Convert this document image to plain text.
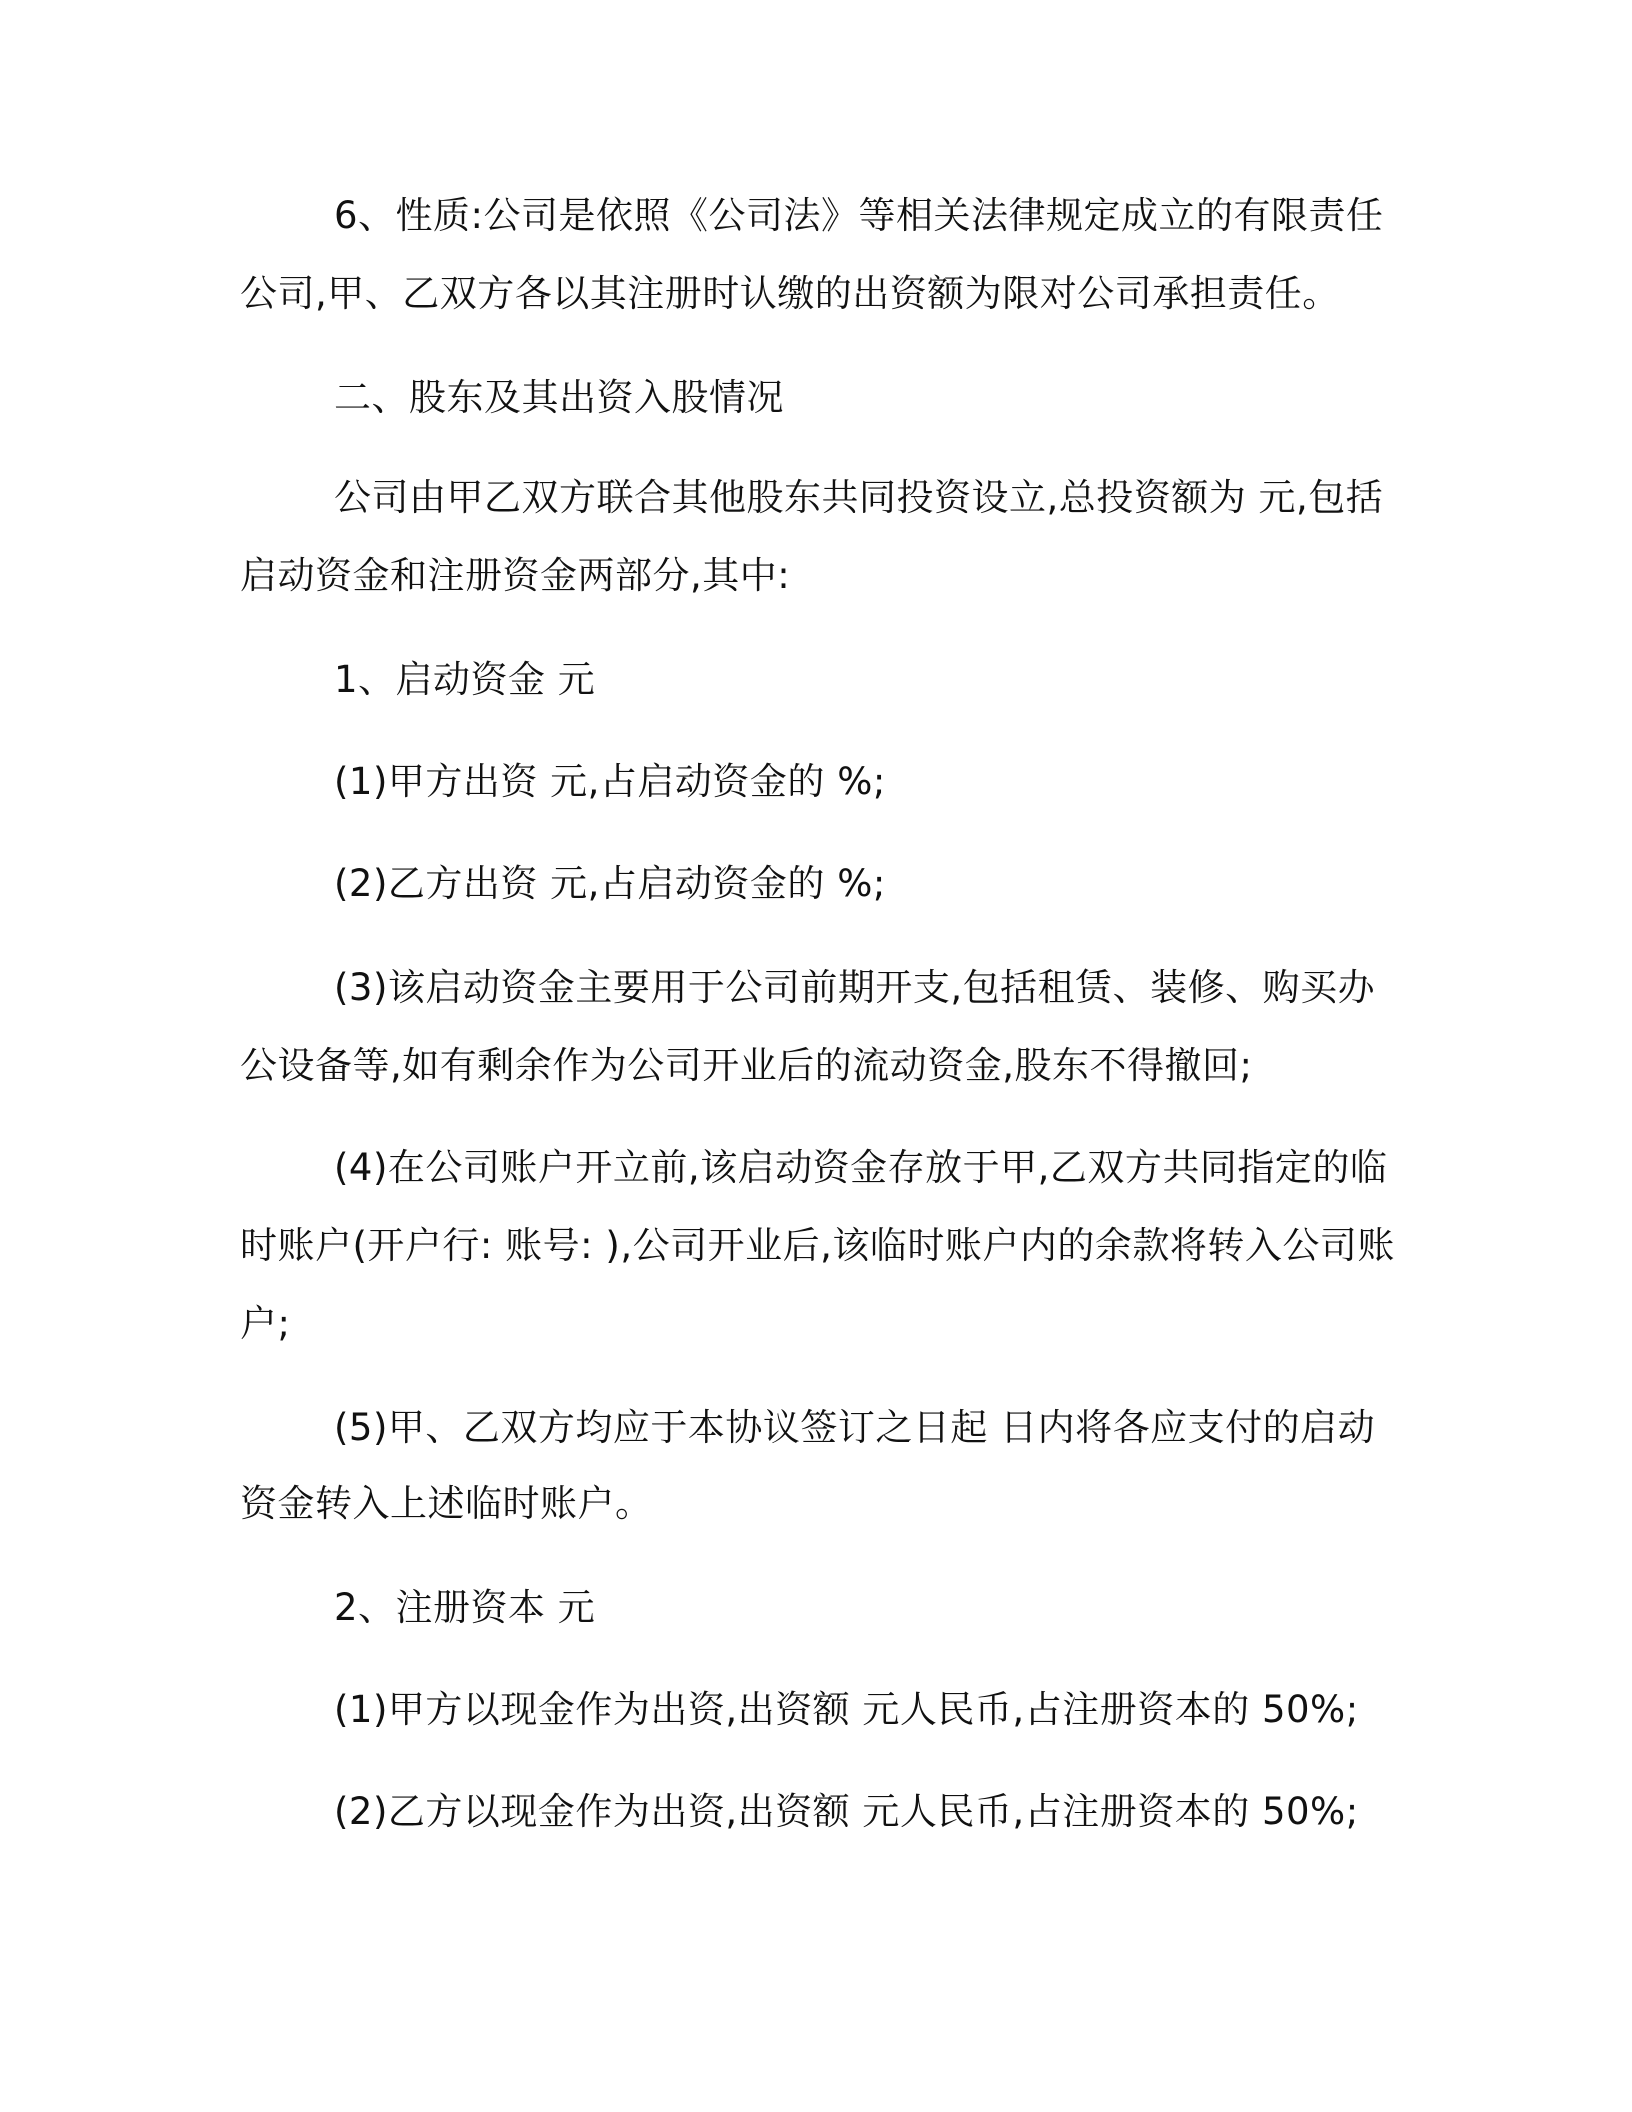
6、性质:公司是依照《公司法》等相关法律规定成立的有限责任
公司,甲、乙双方各以其注册时认缴的出资额为限对公司承担责任。
二、股东及其出资入股情况
公司由甲乙双方联合其他股东共同投资设立,总投资额为 元,包括
启动资金和注册资金两部分,其中:
1、启动资金 元
(1)甲方出资 元,占启动资金的 %;
(2)乙方出资 元,占启动资金的 %;
(3)该启动资金主要用于公司前期开支,包括租赁、装修、购买办
公设备等,如有剩余作为公司开业后的流动资金,股东不得撤回;
(4)在公司账户开立前,该启动资金存放于甲,乙双方共同指定的临
时账户(开户行: 账号: ),公司开业后,该临时账户内的余款将转入公司账
户;
(5)甲、乙双方均应于本协议签订之日起 日内将各应支付的启动
资金转入上述临时账户。
2、注册资本 元
(1)甲方以现金作为出资,出资额 元人民币,占注册资本的 50%;
(2)乙方以现金作为出资,出资额 元人民币,占注册资本的 50%;
